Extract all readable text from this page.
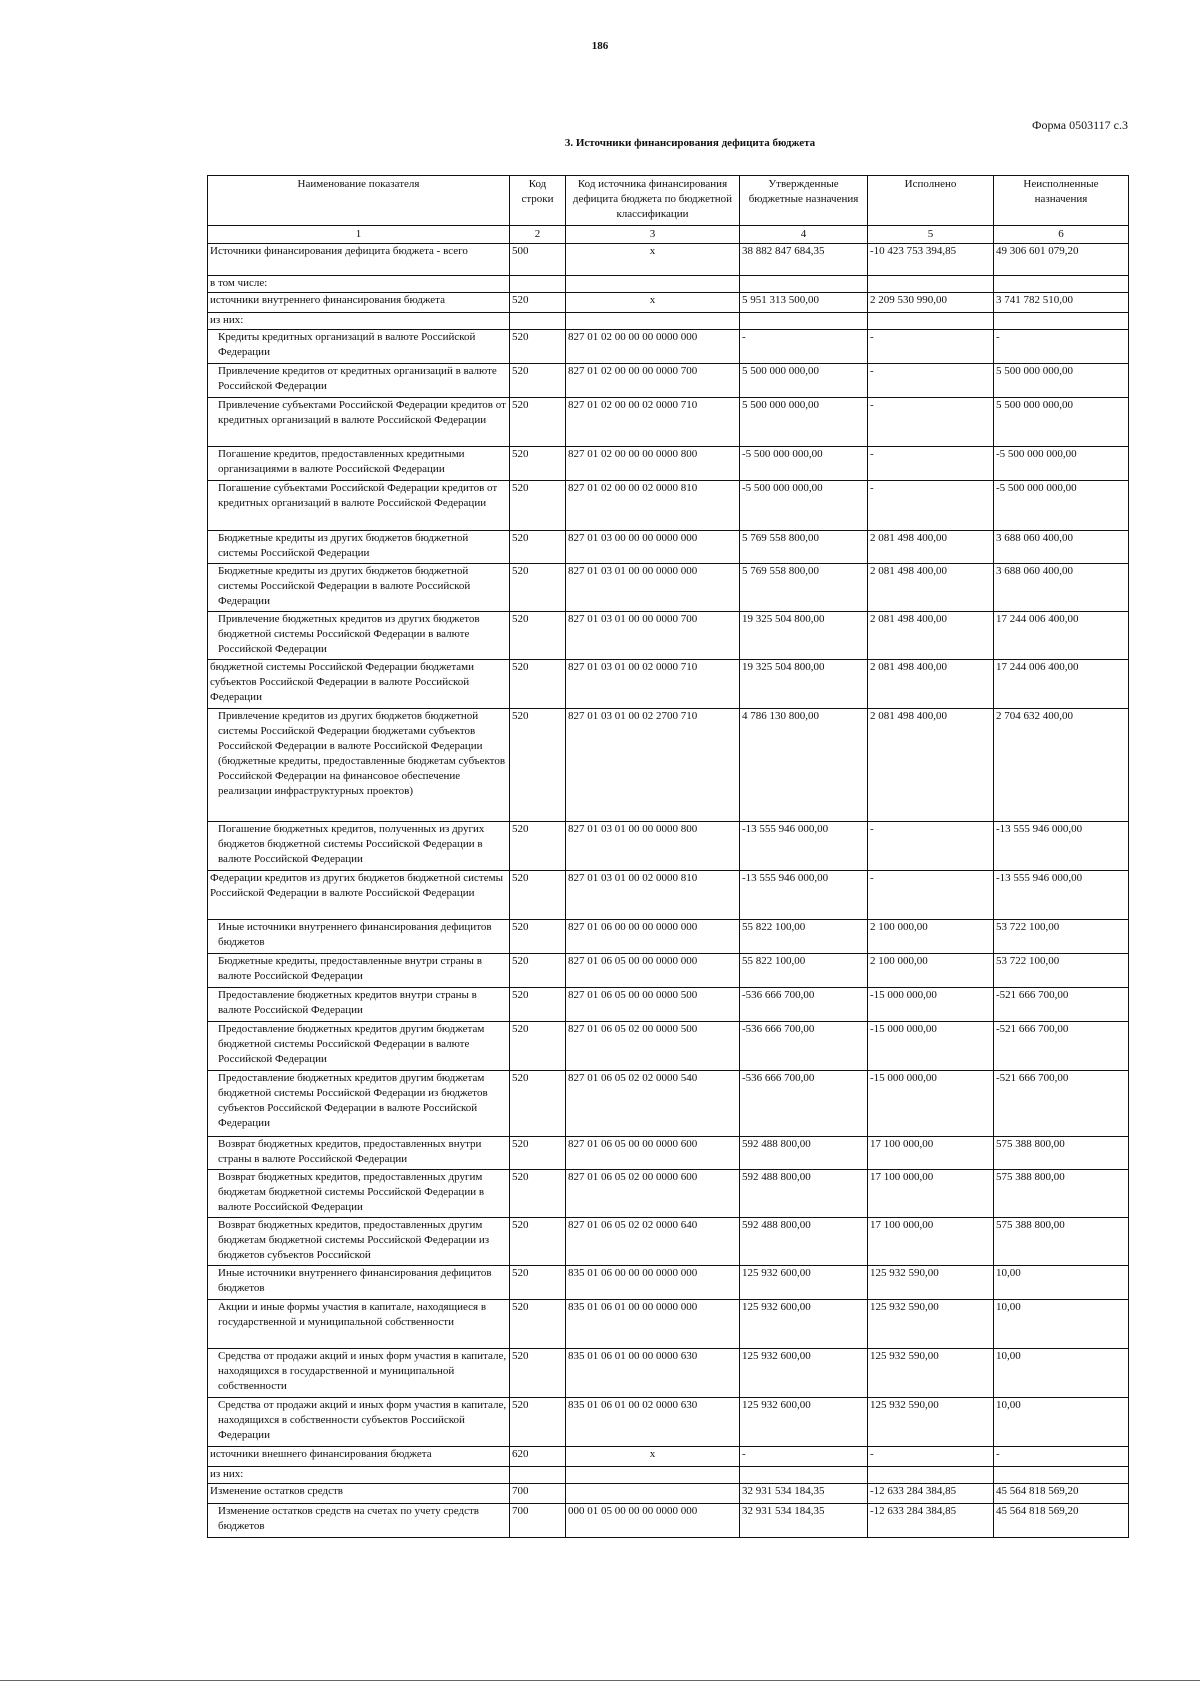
186
Форма 0503117 с.3
3. Источники финансирования дефицита бюджета
Наименование показателя	Код строки	Код источника финансирования дефицита бюджета по бюджетной классификации	Утвержденные бюджетные назначения	Исполнено	Неисполненные назначения
1	2	3	4	5	6
Источники финансирования дефицита бюджета - всего	500	x	38 882 847 684,35	-10 423 753 394,85	49 306 601 079,20
в том числе:					
источники внутреннего финансирования бюджета	520	x	5 951 313 500,00	2 209 530 990,00	3 741 782 510,00
из них:					
Кредиты кредитных организаций в валюте Российской Федерации	520	827 01 02 00 00 00 0000 000	-	-	-
Привлечение кредитов от кредитных организаций в валюте Российской Федерации	520	827 01 02 00 00 00 0000 700	5 500 000 000,00	-	5 500 000 000,00
Привлечение субъектами Российской Федерации кредитов от кредитных организаций в валюте Российской Федерации	520	827 01 02 00 00 02 0000 710	5 500 000 000,00	-	5 500 000 000,00
Погашение кредитов, предоставленных кредитными организациями в валюте Российской Федерации	520	827 01 02 00 00 00 0000 800	-5 500 000 000,00	-	-5 500 000 000,00
Погашение субъектами Российской Федерации кредитов от кредитных организаций в валюте Российской Федерации	520	827 01 02 00 00 02 0000 810	-5 500 000 000,00	-	-5 500 000 000,00
Бюджетные кредиты из других бюджетов бюджетной системы Российской Федерации	520	827 01 03 00 00 00 0000 000	5 769 558 800,00	2 081 498 400,00	3 688 060 400,00
Бюджетные кредиты из других бюджетов бюджетной системы Российской Федерации в валюте Российской Федерации	520	827 01 03 01 00 00 0000 000	5 769 558 800,00	2 081 498 400,00	3 688 060 400,00
Привлечение бюджетных кредитов из других бюджетов бюджетной системы Российской Федерации в валюте Российской Федерации	520	827 01 03 01 00 00 0000 700	19 325 504 800,00	2 081 498 400,00	17 244 006 400,00
бюджетной системы Российской Федерации бюджетами субъектов Российской Федерации в валюте Российской Федерации	520	827 01 03 01 00 02 0000 710	19 325 504 800,00	2 081 498 400,00	17 244 006 400,00
Привлечение кредитов из других бюджетов бюджетной системы Российской Федерации бюджетами субъектов Российской Федерации в валюте Российской Федерации (бюджетные кредиты, предоставленные бюджетам субъектов Российской Федерации на финансовое обеспечение реализации инфраструктурных проектов)	520	827 01 03 01 00 02 2700 710	4 786 130 800,00	2 081 498 400,00	2 704 632 400,00
Погашение бюджетных кредитов, полученных из других бюджетов бюджетной системы Российской Федерации в валюте Российской Федерации	520	827 01 03 01 00 00 0000 800	-13 555 946 000,00	-	-13 555 946 000,00
Федерации кредитов из других бюджетов бюджетной системы Российской Федерации в валюте Российской Федерации	520	827 01 03 01 00 02 0000 810	-13 555 946 000,00	-	-13 555 946 000,00
Иные источники внутреннего финансирования дефицитов бюджетов	520	827 01 06 00 00 00 0000 000	55 822 100,00	2 100 000,00	53 722 100,00
Бюджетные кредиты, предоставленные внутри страны в валюте Российской Федерации	520	827 01 06 05 00 00 0000 000	55 822 100,00	2 100 000,00	53 722 100,00
Предоставление бюджетных кредитов внутри страны в валюте Российской Федерации	520	827 01 06 05 00 00 0000 500	-536 666 700,00	-15 000 000,00	-521 666 700,00
Предоставление бюджетных кредитов другим бюджетам бюджетной системы Российской Федерации в валюте Российской Федерации	520	827 01 06 05 02 00 0000 500	-536 666 700,00	-15 000 000,00	-521 666 700,00
Предоставление бюджетных кредитов другим бюджетам бюджетной системы Российской Федерации из бюджетов субъектов Российской Федерации в валюте Российской Федерации	520	827 01 06 05 02 02 0000 540	-536 666 700,00	-15 000 000,00	-521 666 700,00
Возврат бюджетных кредитов, предоставленных внутри страны в валюте Российской Федерации	520	827 01 06 05 00 00 0000 600	592 488 800,00	17 100 000,00	575 388 800,00
Возврат бюджетных кредитов, предоставленных другим бюджетам бюджетной системы Российской Федерации в валюте Российской Федерации	520	827 01 06 05 02 00 0000 600	592 488 800,00	17 100 000,00	575 388 800,00
Возврат бюджетных кредитов, предоставленных другим бюджетам бюджетной системы Российской Федерации из бюджетов субъектов Российской	520	827 01 06 05 02 02 0000 640	592 488 800,00	17 100 000,00	575 388 800,00
Иные источники внутреннего финансирования дефицитов бюджетов	520	835 01 06 00 00 00 0000 000	125 932 600,00	125 932 590,00	10,00
Акции и иные формы участия в капитале, находящиеся в государственной и муниципальной собственности	520	835 01 06 01 00 00 0000 000	125 932 600,00	125 932 590,00	10,00
Средства от продажи акций и иных форм участия в капитале, находящихся в государственной и муниципальной собственности	520	835 01 06 01 00 00 0000 630	125 932 600,00	125 932 590,00	10,00
Средства от продажи акций и иных форм участия в капитале, находящихся в собственности субъектов Российской Федерации	520	835 01 06 01 00 02 0000 630	125 932 600,00	125 932 590,00	10,00
источники внешнего финансирования бюджета	620	x	-	-	-
из них:					
Изменение остатков средств	700		32 931 534 184,35	-12 633 284 384,85	45 564 818 569,20
Изменение остатков средств на счетах по учету средств бюджетов	700	000 01 05 00 00 00 0000 000	32 931 534 184,35	-12 633 284 384,85	45 564 818 569,20
